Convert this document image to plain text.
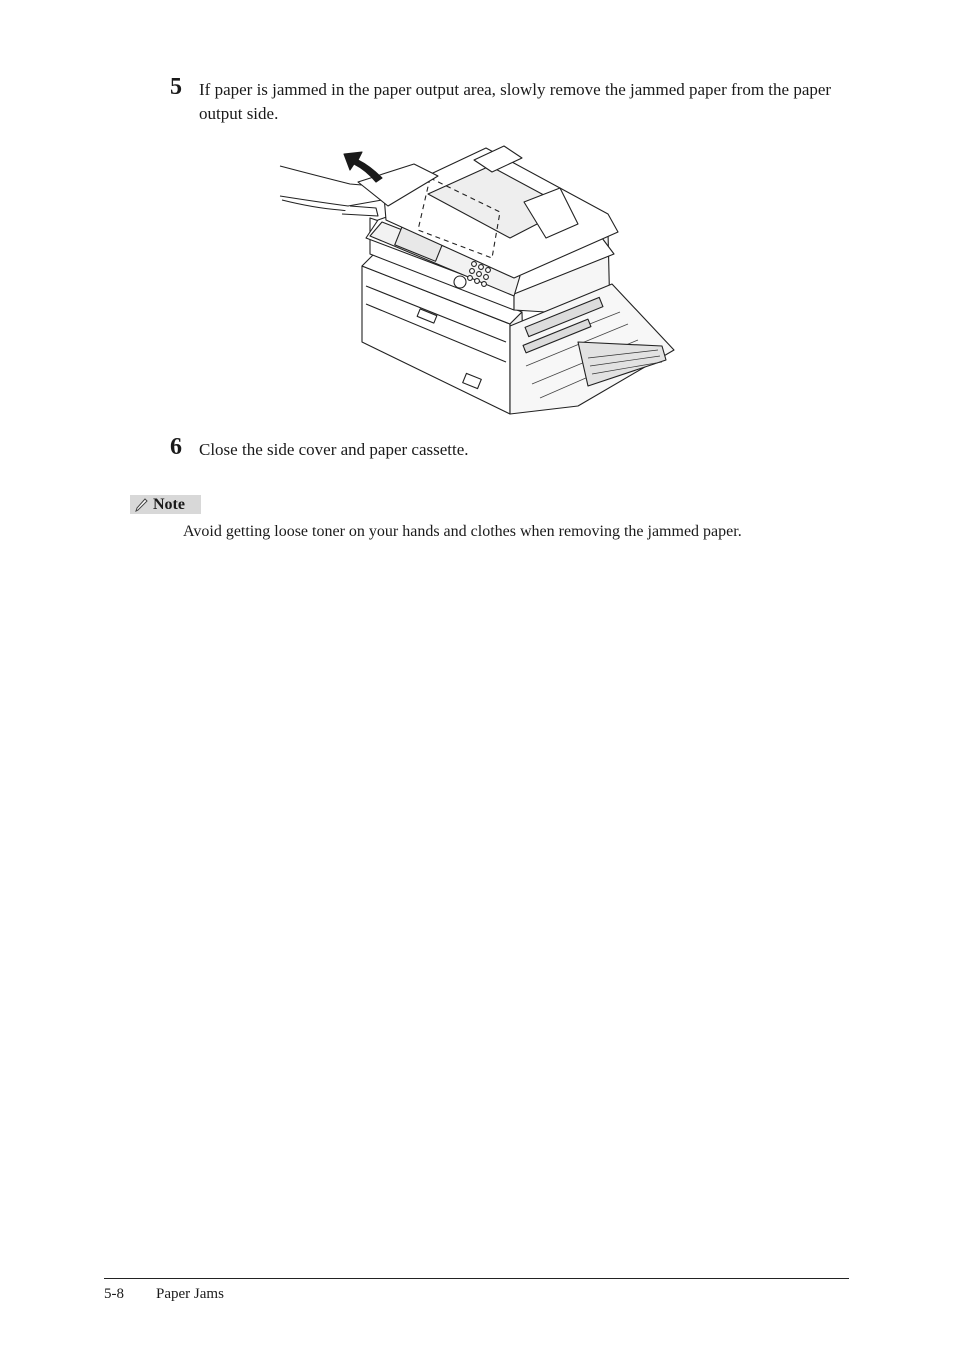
5 If paper is jammed in the paper output area, slowly remove the jammed paper from the paper output side.
6 Close the side cover and paper cassette.
Note
Avoid getting loose toner on your hands and clothes when removing the jammed paper.
5-8 Paper Jams
